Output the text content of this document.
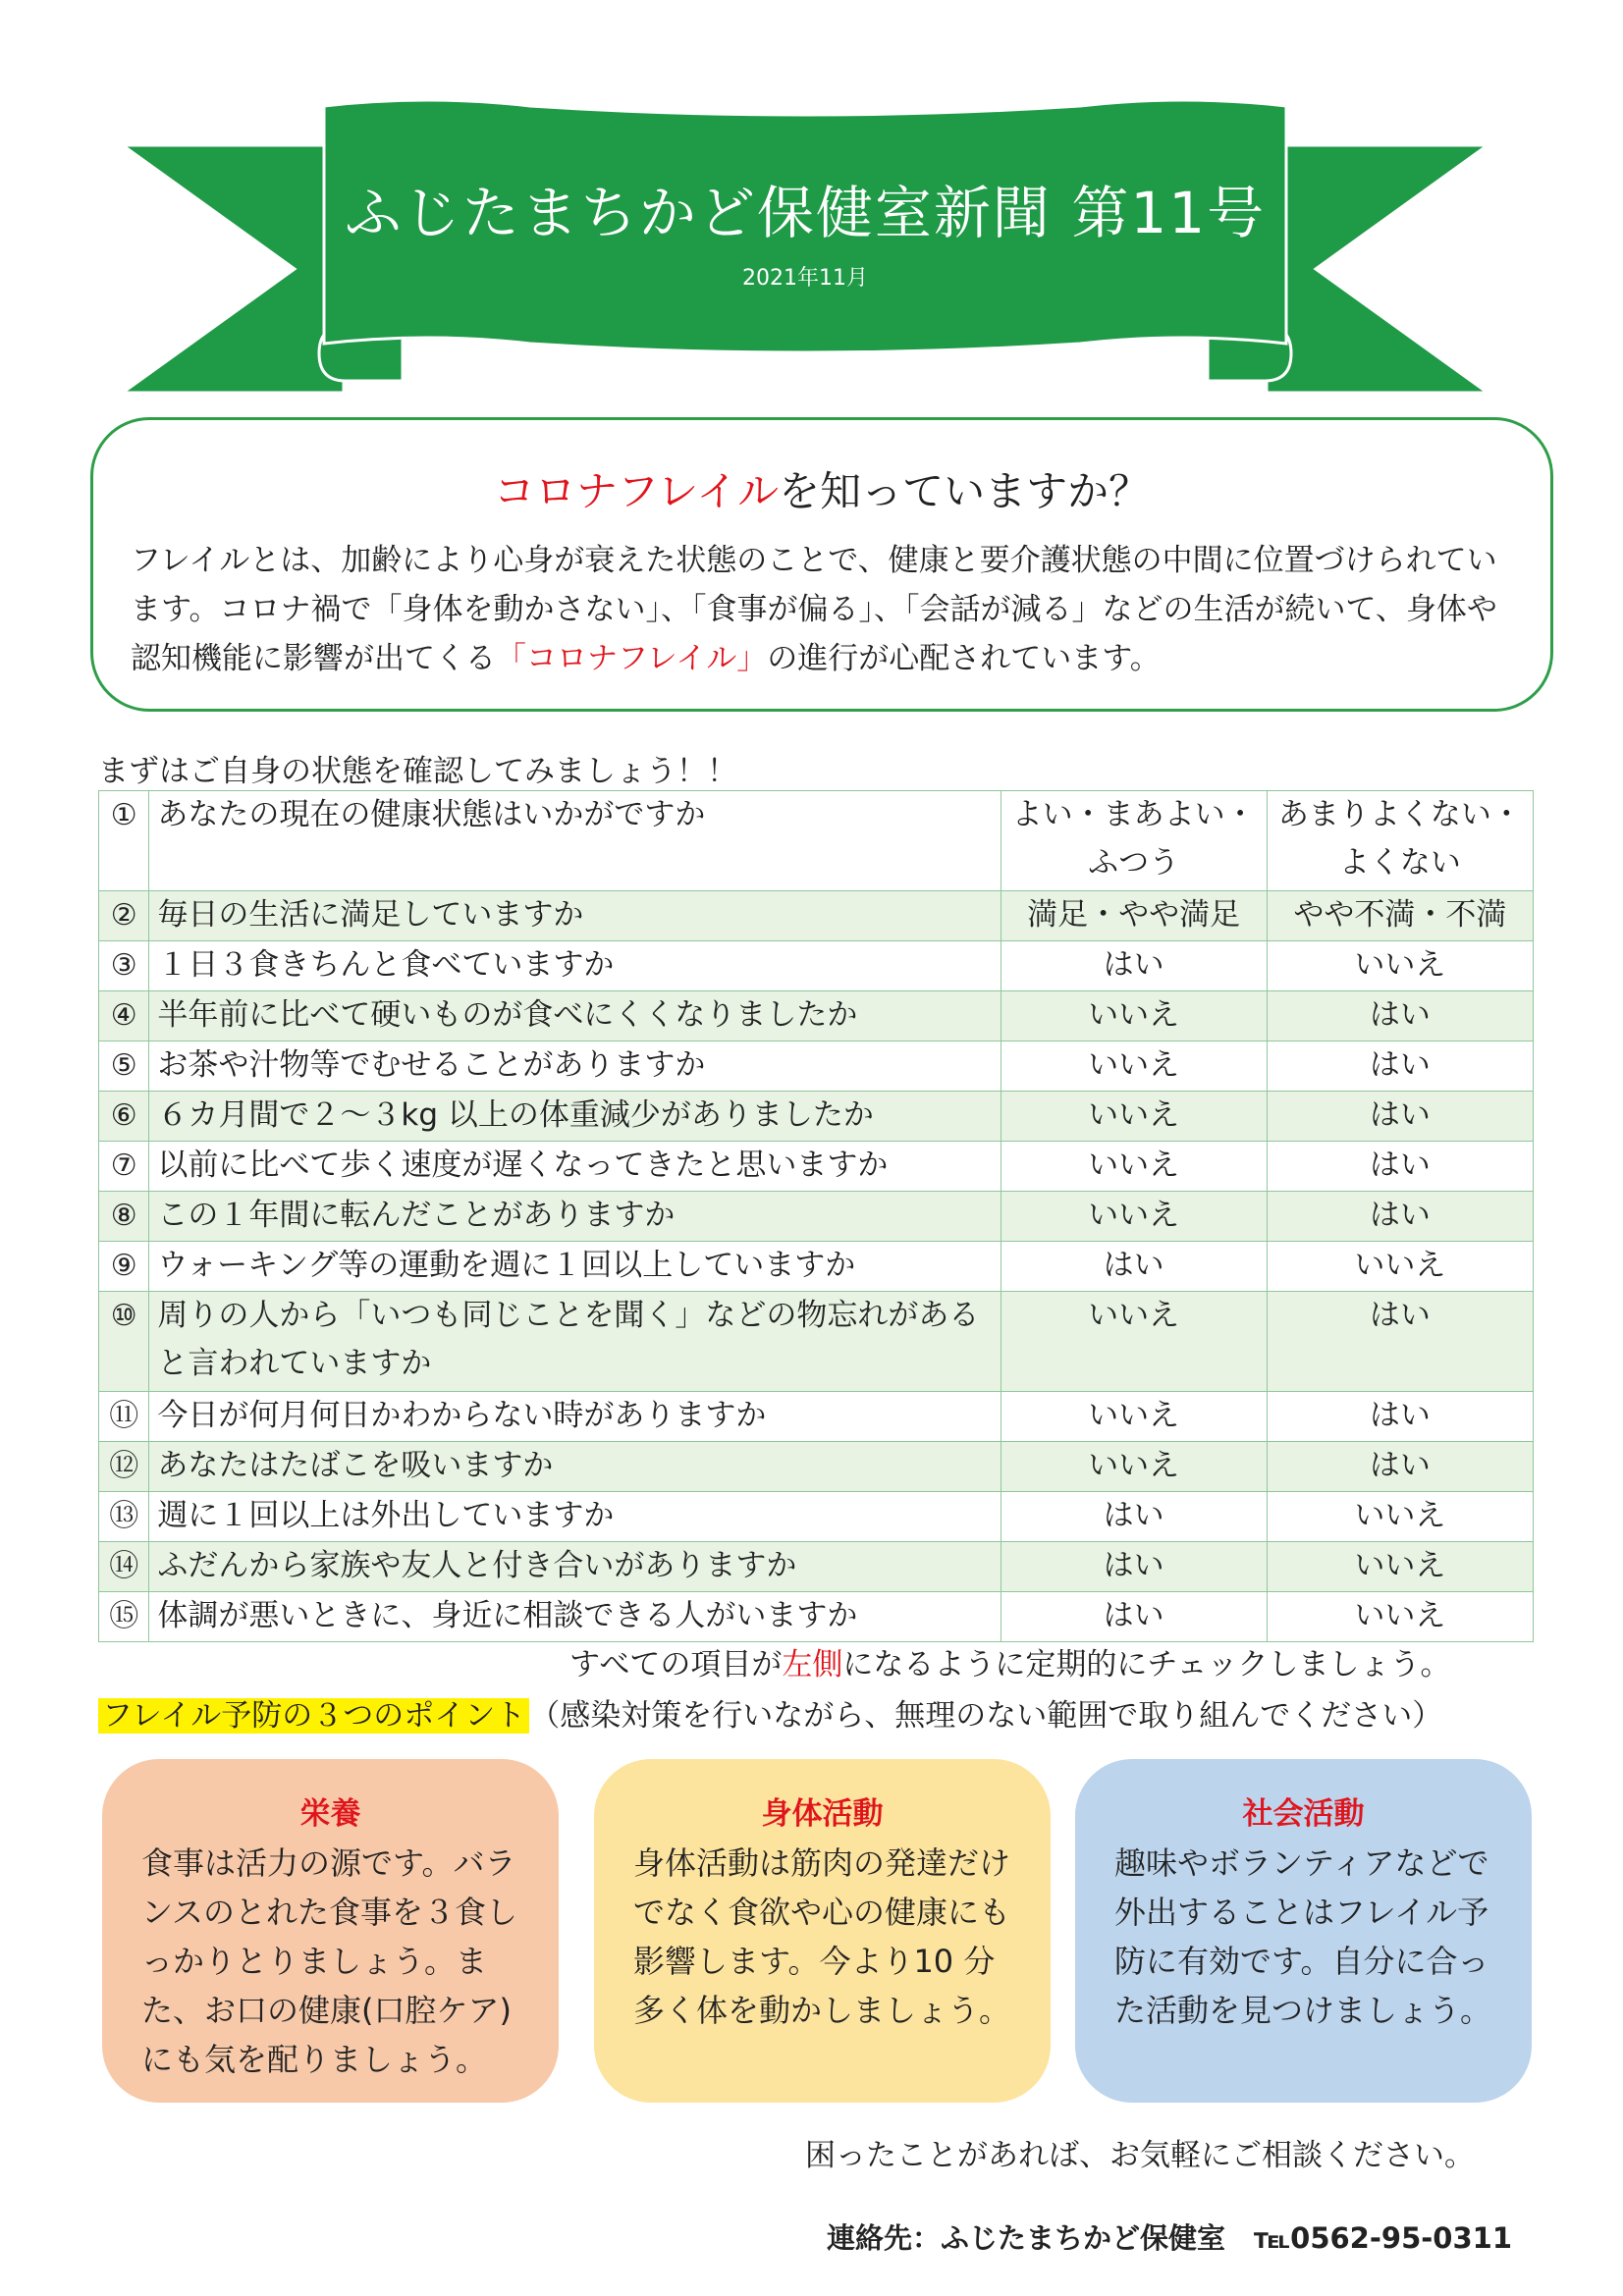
ふじたまちかど保健室新聞 第11号
2021年11月
コロナフレイルを知っていますか？
フレイルとは、加齢により心身が衰えた状態のことで、健康と要介護状態の中間に位置づけられています。コロナ禍で「身体を動かさない」、「食事が偏る」、「会話が減る」などの生活が続いて、身体や認知機能に影響が出てくる「コロナフレイル」の進行が心配されています。
まずはご自身の状態を確認してみましょう！！
①	あなたの現在の健康状態はいかがですか	よい・まあよい・ふつう	あまりよくない・よくない
②	毎日の生活に満足していますか	満足・やや満足	やや不満・不満
③	１日３食きちんと食べていますか	はい	いいえ
④	半年前に比べて硬いものが食べにくくなりましたか	いいえ	はい
⑤	お茶や汁物等でむせることがありますか	いいえ	はい
⑥	６カ月間で２～３kg 以上の体重減少がありましたか	いいえ	はい
⑦	以前に比べて歩く速度が遅くなってきたと思いますか	いいえ	はい
⑧	この１年間に転んだことがありますか	いいえ	はい
⑨	ウォーキング等の運動を週に１回以上していますか	はい	いいえ
⑩	周りの人から「いつも同じことを聞く」などの物忘れがあると言われていますか	いいえ	はい
⑪	今日が何月何日かわからない時がありますか	いいえ	はい
⑫	あなたはたばこを吸いますか	いいえ	はい
⑬	週に１回以上は外出していますか	はい	いいえ
⑭	ふだんから家族や友人と付き合いがありますか	はい	いいえ
⑮	体調が悪いときに、身近に相談できる人がいますか	はい	いいえ
すべての項目が左側になるように定期的にチェックしましょう。
フレイル予防の３つのポイント （感染対策を行いながら、無理のない範囲で取り組んでください）
栄養

食事は活力の源です。バランスのとれた食事を３食しっかりとりましょう。また、お口の健康(口腔ケア)にも気を配りましょう。

身体活動

身体活動は筋肉の発達だけでなく食欲や心の健康にも影響します。今より10 分多く体を動かしましょう。

社会活動

趣味やボランティアなどで外出することはフレイル予防に有効です。自分に合った活動を見つけましょう。

困ったことがあれば、お気軽にご相談ください。
連絡先：ふじたまちかど保健室　℡0562-95-0311
